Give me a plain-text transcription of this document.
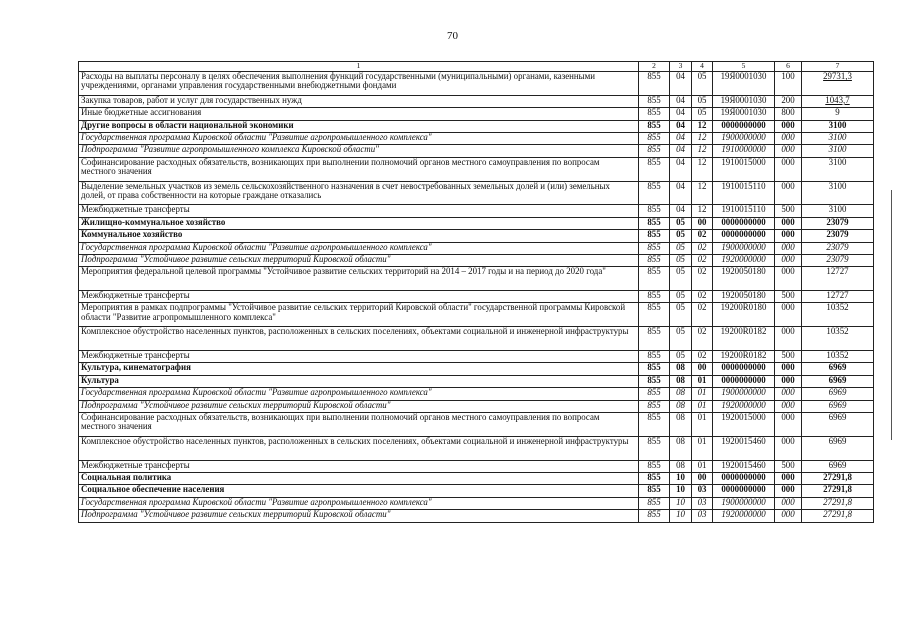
70
1	2	3	4	5	6	7
Расходы на выплаты персоналу в целях обеспечения выполнения функций государственными (муниципальными) органами, казенными учреждениями, органами управления государственными внебюджетными фондами	855	04	05	19Я0001030	100	29731,3
Закупка товаров, работ и услуг для государственных нужд	855	04	05	19Я0001030	200	1043,7
Иные бюджетные ассигнования	855	04	05	19Я0001030	800	9
Другие вопросы в области национальной экономики	855	04	12	0000000000	000	3100
Государственная программа Кировской области "Развитие агропромышленного комплекса"	855	04	12	1900000000	000	3100
Подпрограмма "Развитие агропромышленного комплекса Кировской области"	855	04	12	1910000000	000	3100
Софинансирование расходных обязательств, возникающих при выполнении полномочий органов местного самоуправления по вопросам местного значения	855	04	12	1910015000	000	3100
Выделение земельных участков из земель сельскохозяйственного назначения в счет невостребованных земельных долей и (или) земельных долей, от права собственности на которые граждане отказались	855	04	12	1910015110	000	3100
Межбюджетные трансферты	855	04	12	1910015110	500	3100
Жилищно-коммунальное хозяйство	855	05	00	0000000000	000	23079
Коммунальное хозяйство	855	05	02	0000000000	000	23079
Государственная программа Кировской области "Развитие агропромышленного комплекса"	855	05	02	1900000000	000	23079
Подпрограмма "Устойчивое развитие сельских территорий Кировской области"	855	05	02	1920000000	000	23079
Мероприятия федеральной целевой программы "Устойчивое развитие сельских территорий на 2014 – 2017 годы и на период до 2020 года"	855	05	02	1920050180	000	12727
Межбюджетные трансферты	855	05	02	1920050180	500	12727
Мероприятия в рамках подпрограммы "Устойчивое развитие сельских территорий Кировской области" государственной программы Кировской области "Развитие агропромышленного комплекса"	855	05	02	19200R0180	000	10352
Комплексное обустройство населенных пунктов, расположенных в сельских поселениях, объектами социальной и инженерной инфраструктуры	855	05	02	19200R0182	000	10352
Межбюджетные трансферты	855	05	02	19200R0182	500	10352
Культура, кинематография	855	08	00	0000000000	000	6969
Культура	855	08	01	0000000000	000	6969
Государственная программа Кировской области "Развитие агропромышленного комплекса"	855	08	01	1900000000	000	6969
Подпрограмма "Устойчивое развитие сельских территорий Кировской области"	855	08	01	1920000000	000	6969
Софинансирование расходных обязательств, возникающих при выполнении полномочий органов местного самоуправления по вопросам местного значения	855	08	01	1920015000	000	6969
Комплексное обустройство населенных пунктов, расположенных в сельских поселениях, объектами социальной и инженерной инфраструктуры	855	08	01	1920015460	000	6969
Межбюджетные трансферты	855	08	01	1920015460	500	6969
Социальная политика	855	10	00	0000000000	000	27291,8
Социальное обеспечение населения	855	10	03	0000000000	000	27291,8
Государственная программа Кировской области "Развитие агропромышленного комплекса"	855	10	03	1900000000	000	27291,8
Подпрограмма "Устойчивое развитие сельских территорий Кировской области"	855	10	03	1920000000	000	27291,8
